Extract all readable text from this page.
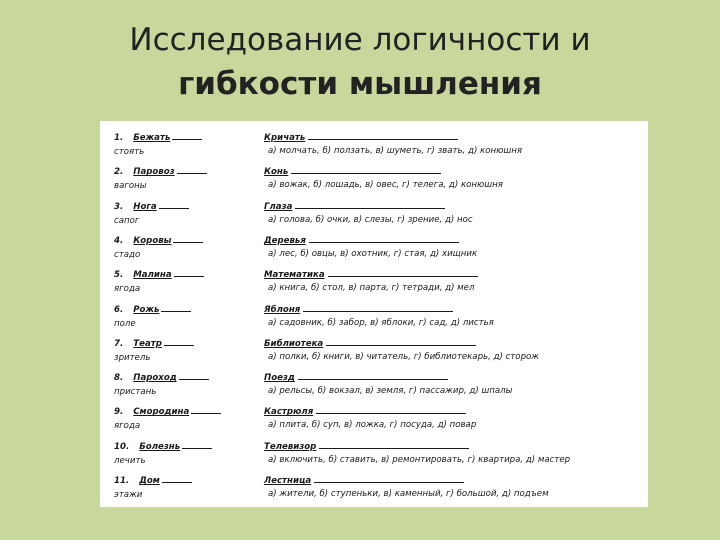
Исследование логичности и
гибкости мышления
1. Бежать
стоять
Кричать
а) молчать, б) ползать, в) шуметь, г) звать, д) конюшня
2. Паровоз
вагоны
Конь
а) вожак, б) лошадь, в) овес, г) телега, д) конюшня
3. Нога
сапог
Глаза
а) голова, б) очки, в) слезы, г) зрение, д) нос
4. Коровы
стадо
Деревья
а) лес, б) овцы, в) охотник, г) стая, д) хищник
5. Малина
ягода
Математика
а) книга, б) стол, в) парта, г) тетради, д) мел
6. Рожь
поле
Яблоня
а) садовник, б) забор, в) яблоки, г) сад, д) листья
7. Театр
зритель
Библиотека
а) полки, б) книги, в) читатель, г) библиотекарь, д) сторож
8. Пароход
пристань
Поезд
а) рельсы, б) вокзал, в) земля, г) пассажир, д) шпалы
9. Смородина
ягода
Кастрюля
а) плита, б) суп, в) ложка, г) посуда, д) повар
10. Болезнь
лечить
Телевизор
а) включить, б) ставить, в) ремонтировать, г) квартира, д) мастер
11. Дом
этажи
Лестница
а) жители, б) ступеньки, в) каменный, г) большой, д) подъем
